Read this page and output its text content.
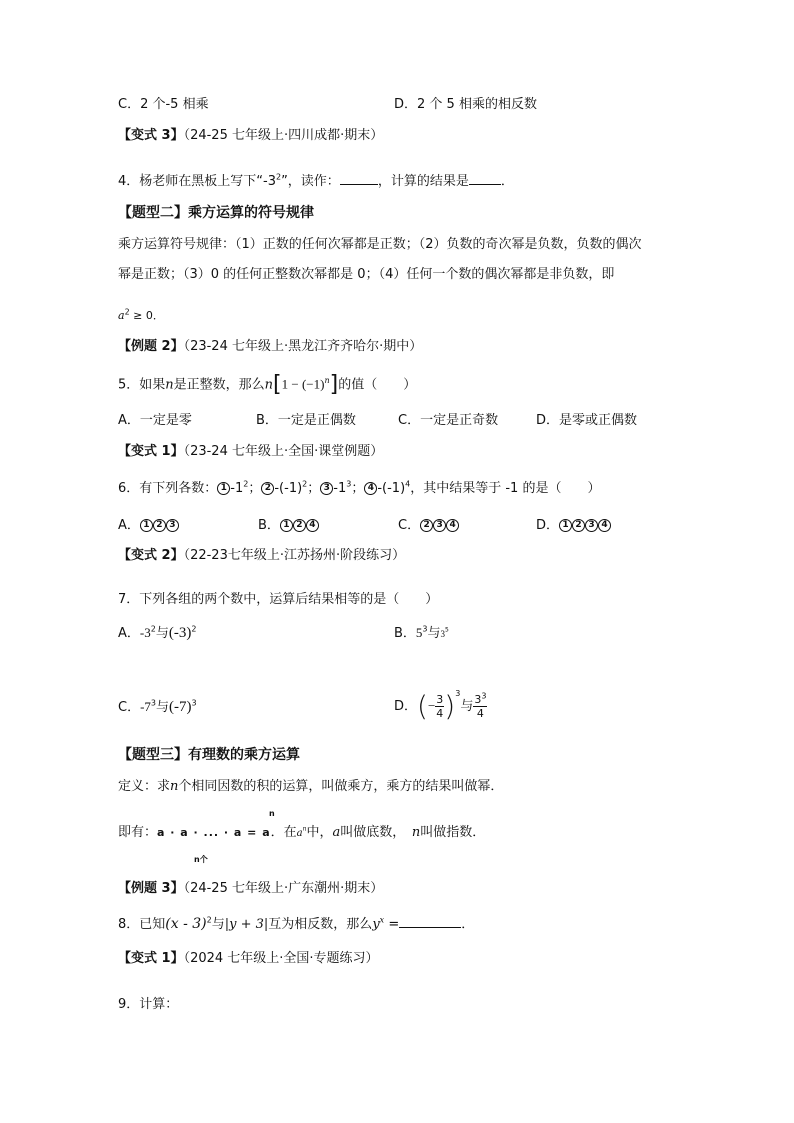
C．2 个-5 相乘	D．2 个 5 相乘的相反数
【变式 3】（24-25 七年级上·四川成都·期末）
4．杨老师在黑板上写下“$-3^2$”，读作：	，计算的结果是 ．
【题型二】乘方运算的符号规律
乘方运算符号规律：（1）正数的任何次幂都是正数；（2）负数的奇次幂是负数，负数的偶次
幂是正数；（3）0 的任何正整数次幂都是 0；（4）任何一个数的偶次幂都是非负数，即
$a^2 \ge 0$．
【例题 2】（23-24 七年级上·黑龙江齐齐哈尔·期中）
5．如果n是正整数，那么$n[1 - (-1)^n]$的值（　　）
A．一定是零	B．一定是正偶数	C．一定是正奇数	D．是零或正偶数
【变式 1】（23-24 七年级上·全国·课堂例题）
6．有下列各数： 1 $-1^2$； 2 $-(-1)^2$； 3 $-1^3$； 4 $-(-1)^4$，其中结果等于 -1 的是（　　）
A． 1 2 3	B． 1 2 4	C． 2 3 4	D． 1 2 3 4
【变式 2】（22-23七年级上·江苏扬州·阶段练习）
7．下列各组的两个数中，运算后结果相等的是（　　）
A．$-3^2$与$(-3)^2$	B．$5^3$与$3^5$
C．$-7^3$与$(-7)^3$	D．(− $\frac{3}{4} )^3$与 $\frac{3^3}{4}$
【题型三】有理数的乘方运算
定义：求n个相同因数的积的运算，叫做乘方，乘方的结果叫做幂．
n
即有：a · a · ... · a = a．在$a^n$中，a叫做底数，　 n叫做指数．
n个
【例题 3】（24-25 七年级上·广东潮州·期末）
8．已知(x - 3)$^2$与|y + 3|互为相反数，那么$y^x$ =	．
【变式 1】（2024 七年级上·全国·专题练习）
9．计算：
